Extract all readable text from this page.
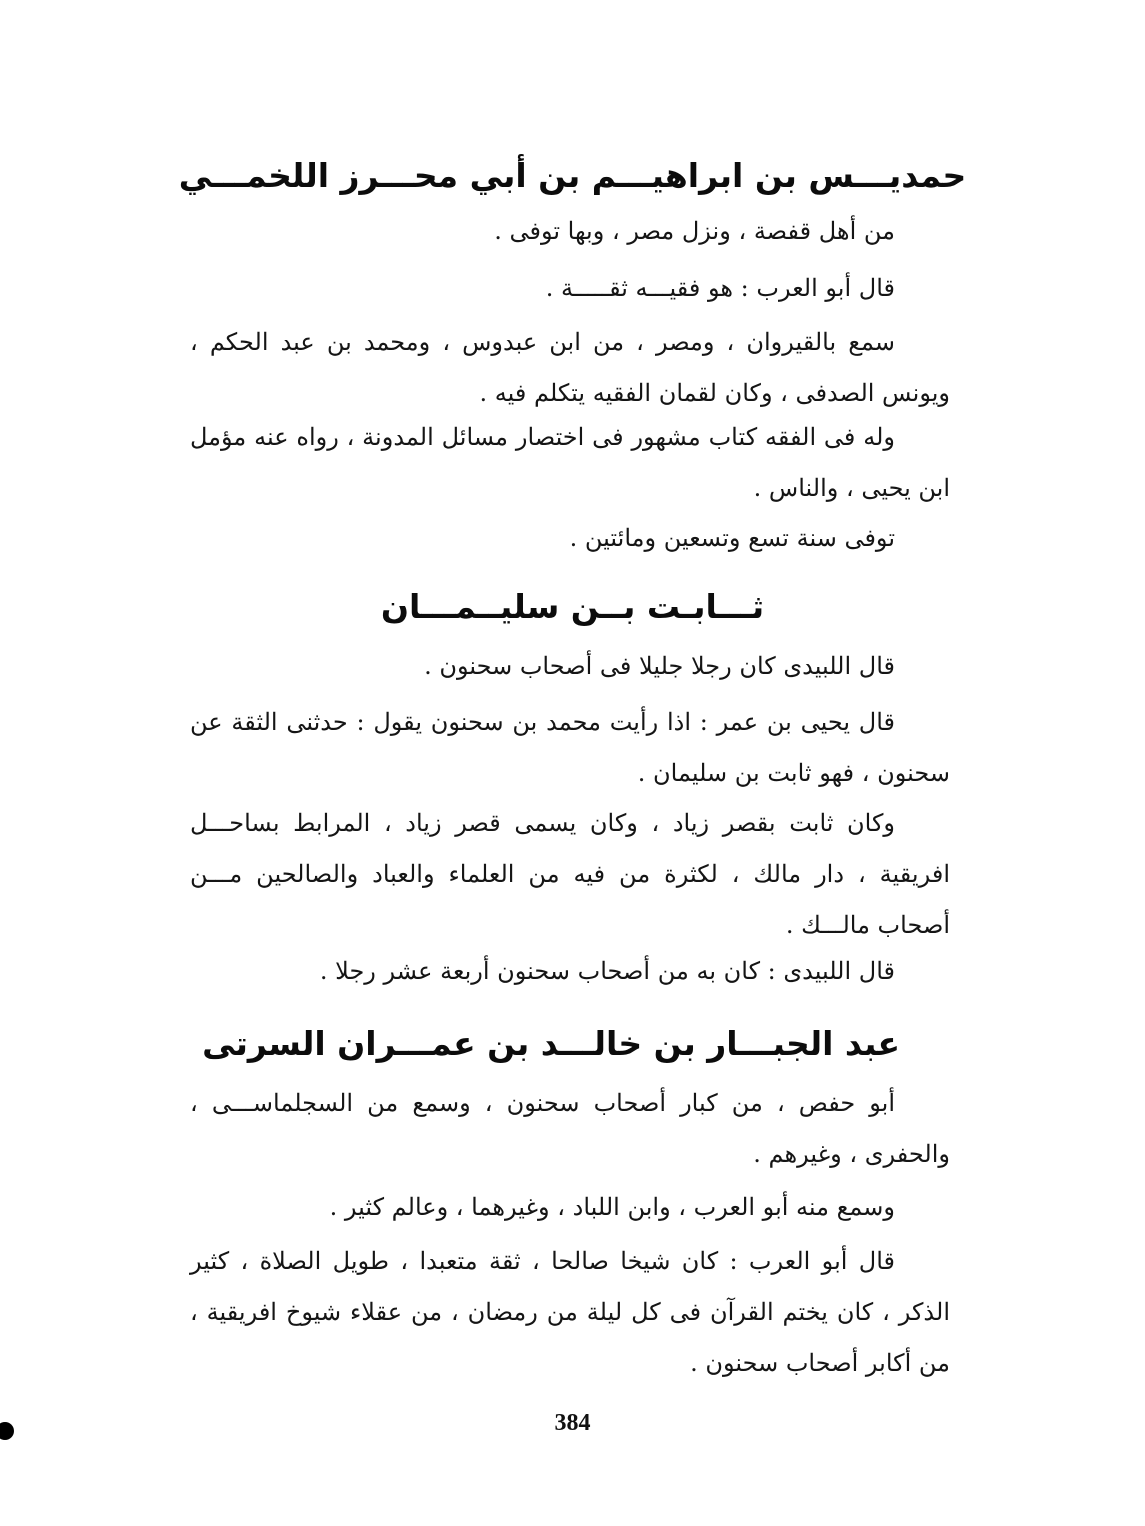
حمديـــس بن ابراهيـــم بن أبي محـــرز اللخمـــي
من أهل قفصة ، ونزل مصر ، وبها توفى .
قال أبو العرب : هو فقيـــه ثقـــــة .
سمع بالقيروان ، ومصر ، من ابن عبدوس ، ومحمد بن عبد الحكم ، ويونس الصدفى ، وكان لقمان الفقيه يتكلم فيه .
وله فى الفقه كتاب مشهور فى اختصار مسائل المدونة ، رواه عنه مؤمل ابن يحيى ، والناس .
توفى سنة تسع وتسعين ومائتين .
ثـــابـت بــن سليــمـــان
قال اللبيدى كان رجلا جليلا فى أصحاب سحنون .
قال يحيى بن عمر : اذا رأيت محمد بن سحنون يقول : حدثنى الثقة عن سحنون ، فهو ثابت بن سليمان .
وكان ثابت بقصر زياد ، وكان يسمى قصر زياد ، المرابط بساحـــل افريقية ، دار مالك ، لكثرة من فيه من العلماء والعباد والصالحين مـــن أصحاب مالـــك .
قال اللبيدى : كان به من أصحاب سحنون أربعة عشر رجلا .
عبد الجبـــار بن خالـــد بن عمـــران السرتى
أبو حفص ، من كبار أصحاب سحنون ، وسمع من السجلماســـى ، والحفرى ، وغيرهم .
وسمع منه أبو العرب ، وابن اللباد ، وغيرهما ، وعالم كثير .
قال أبو العرب : كان شيخا صالحا ، ثقة متعبدا ، طويل الصلاة ، كثير الذكر ، كان يختم القرآن فى كل ليلة من رمضان ، من عقلاء شيوخ افريقية ، من أكابر أصحاب سحنون .
384
